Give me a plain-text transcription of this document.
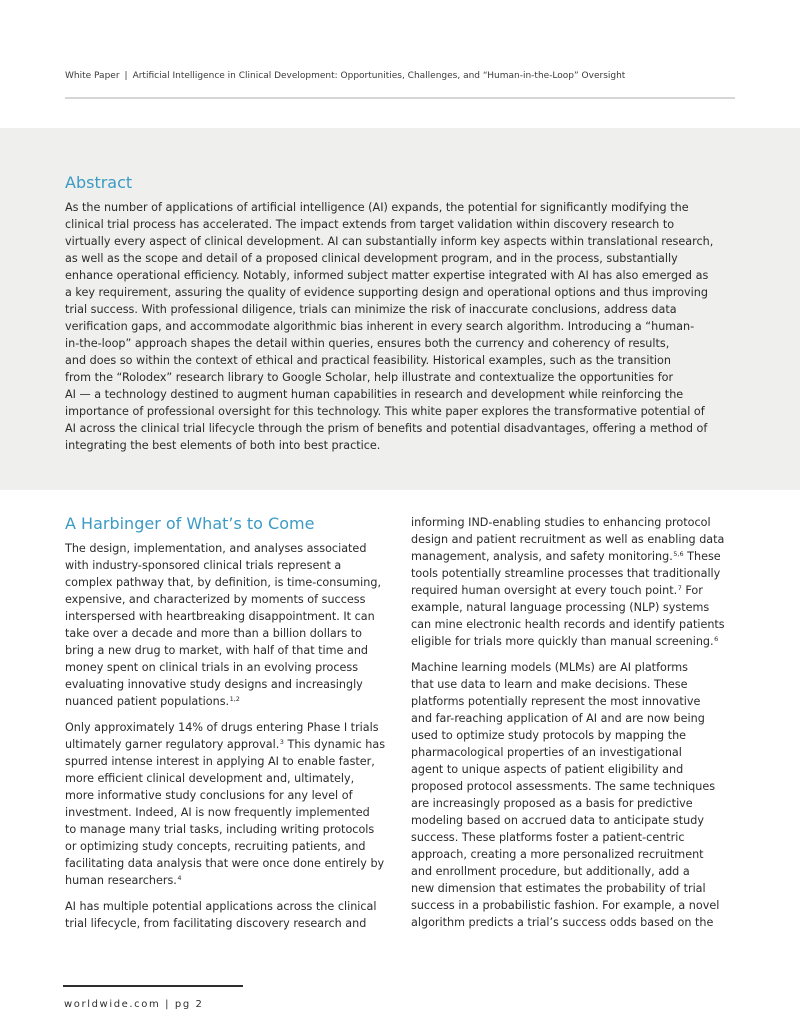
White Paper | Artificial Intelligence in Clinical Development: Opportunities, Challenges, and “Human-in-the-Loop” Oversight
Abstract
As the number of applications of artificial intelligence (AI) expands, the potential for significantly modifying the
clinical trial process has accelerated. The impact extends from target validation within discovery research to
virtually every aspect of clinical development. AI can substantially inform key aspects within translational research,
as well as the scope and detail of a proposed clinical development program, and in the process, substantially
enhance operational efficiency. Notably, informed subject matter expertise integrated with AI has also emerged as
a key requirement, assuring the quality of evidence supporting design and operational options and thus improving
trial success. With professional diligence, trials can minimize the risk of inaccurate conclusions, address data
verification gaps, and accommodate algorithmic bias inherent in every search algorithm. Introducing a “human-
in-the-loop” approach shapes the detail within queries, ensures both the currency and coherency of results,
and does so within the context of ethical and practical feasibility. Historical examples, such as the transition
from the “Rolodex” research library to Google Scholar, help illustrate and contextualize the opportunities for
AI — a technology destined to augment human capabilities in research and development while reinforcing the
importance of professional oversight for this technology. This white paper explores the transformative potential of
AI across the clinical trial lifecycle through the prism of benefits and potential disadvantages, offering a method of
integrating the best elements of both into best practice.
A Harbinger of What’s to Come

The design, implementation, and analyses associated
with industry-sponsored clinical trials represent a
complex pathway that, by definition, is time-consuming,
expensive, and characterized by moments of success
interspersed with heartbreaking disappointment. It can
take over a decade and more than a billion dollars to
bring a new drug to market, with half of that time and
money spent on clinical trials in an evolving process
evaluating innovative study designs and increasingly
nuanced patient populations.$^{1,2}$

Only approximately 14% of drugs entering Phase I trials
ultimately garner regulatory approval.$^3$ This dynamic has
spurred intense interest in applying AI to enable faster,
more efficient clinical development and, ultimately,
more informative study conclusions for any level of
investment. Indeed, AI is now frequently implemented
to manage many trial tasks, including writing protocols
or optimizing study concepts, recruiting patients, and
facilitating data analysis that were once done entirely by
human researchers.$^4$

AI has multiple potential applications across the clinical
trial lifecycle, from facilitating discovery research and

informing IND-enabling studies to enhancing protocol
design and patient recruitment as well as enabling data
management, analysis, and safety monitoring.$^{5,6}$ These
tools potentially streamline processes that traditionally
required human oversight at every touch point.$^7$ For
example, natural language processing (NLP) systems
can mine electronic health records and identify patients
eligible for trials more quickly than manual screening.$^6$

Machine learning models (MLMs) are AI platforms
that use data to learn and make decisions. These
platforms potentially represent the most innovative
and far-reaching application of AI and are now being
used to optimize study protocols by mapping the
pharmacological properties of an investigational
agent to unique aspects of patient eligibility and
proposed protocol assessments. The same techniques
are increasingly proposed as a basis for predictive
modeling based on accrued data to anticipate study
success. These platforms foster a patient-centric
approach, creating a more personalized recruitment
and enrollment procedure, but additionally, add a
new dimension that estimates the probability of trial
success in a probabilistic fashion. For example, a novel
algorithm predicts a trial’s success odds based on the

worldwide.com | pg 2
